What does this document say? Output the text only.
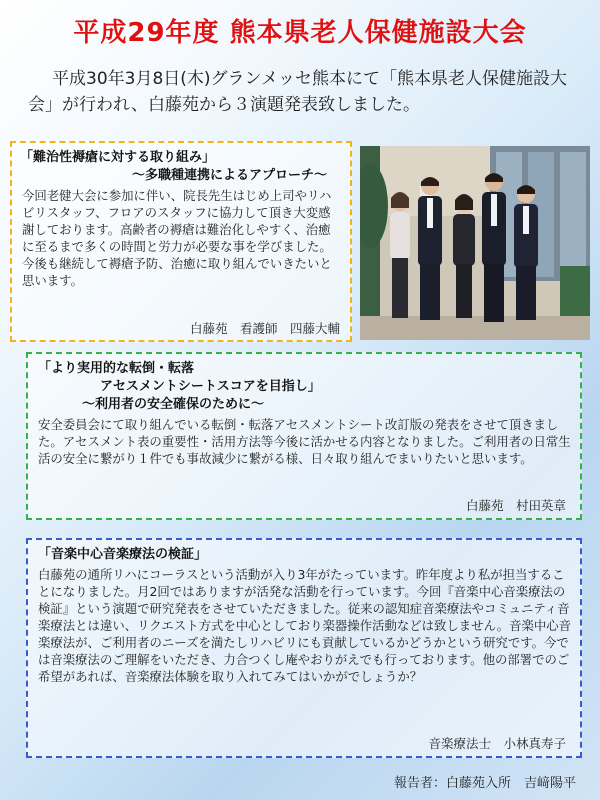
平成29年度 熊本県老人保健施設大会
平成30年3月8日(木)グランメッセ熊本にて「熊本県老人保健施設大会」が行われ、白藤苑から３演題発表致しました。
「難治性褥瘡に対する取り組み」
～多職種連携によるアプローチ～
今回老健大会に参加に伴い、院長先生はじめ上司やリハビリスタッフ、フロアのスタッフに協力して頂き大変感謝しております。高齢者の褥瘡は難治化しやすく、治癒に至るまで多くの時間と労力が必要な事を学びました。今後も継続して褥瘡予防、治癒に取り組んでいきたいと思います。
白藤苑　看護師　四藤大輔
「より実用的な転倒・転落
アセスメントシートスコアを目指し」
～利用者の安全確保のために～
安全委員会にて取り組んでいる転倒・転落アセスメントシート改訂版の発表をさせて頂きました。アセスメント表の重要性・活用方法等今後に活かせる内容となりました。ご利用者の日常生活の安全に繋がり１件でも事故減少に繋がる様、日々取り組んでまいりたいと思います。
白藤苑　村田英章
「音楽中心音楽療法の検証」
白藤苑の通所リハにコーラスという活動が入り3年がたっています。昨年度より私が担当することになりました。月2回ではありますが活発な活動を行っています。今回『音楽中心音楽療法の検証』という演題で研究発表をさせていただきました。従来の認知症音楽療法やコミュニティ音楽療法とは違い、リクエスト方式を中心としており楽器操作活動などは致しません。音楽中心音楽療法が、ご利用者のニーズを満たしリハビリにも貢献しているかどうかという研究です。今では音楽療法のご理解をいただき、力合つくし庵やおりがえでも行っております。他の部署でのご希望があれば、音楽療法体験を取り入れてみてはいかがでしょうか？
音楽療法士　小林真寿子
報告者：白藤苑入所　吉﨑陽平
